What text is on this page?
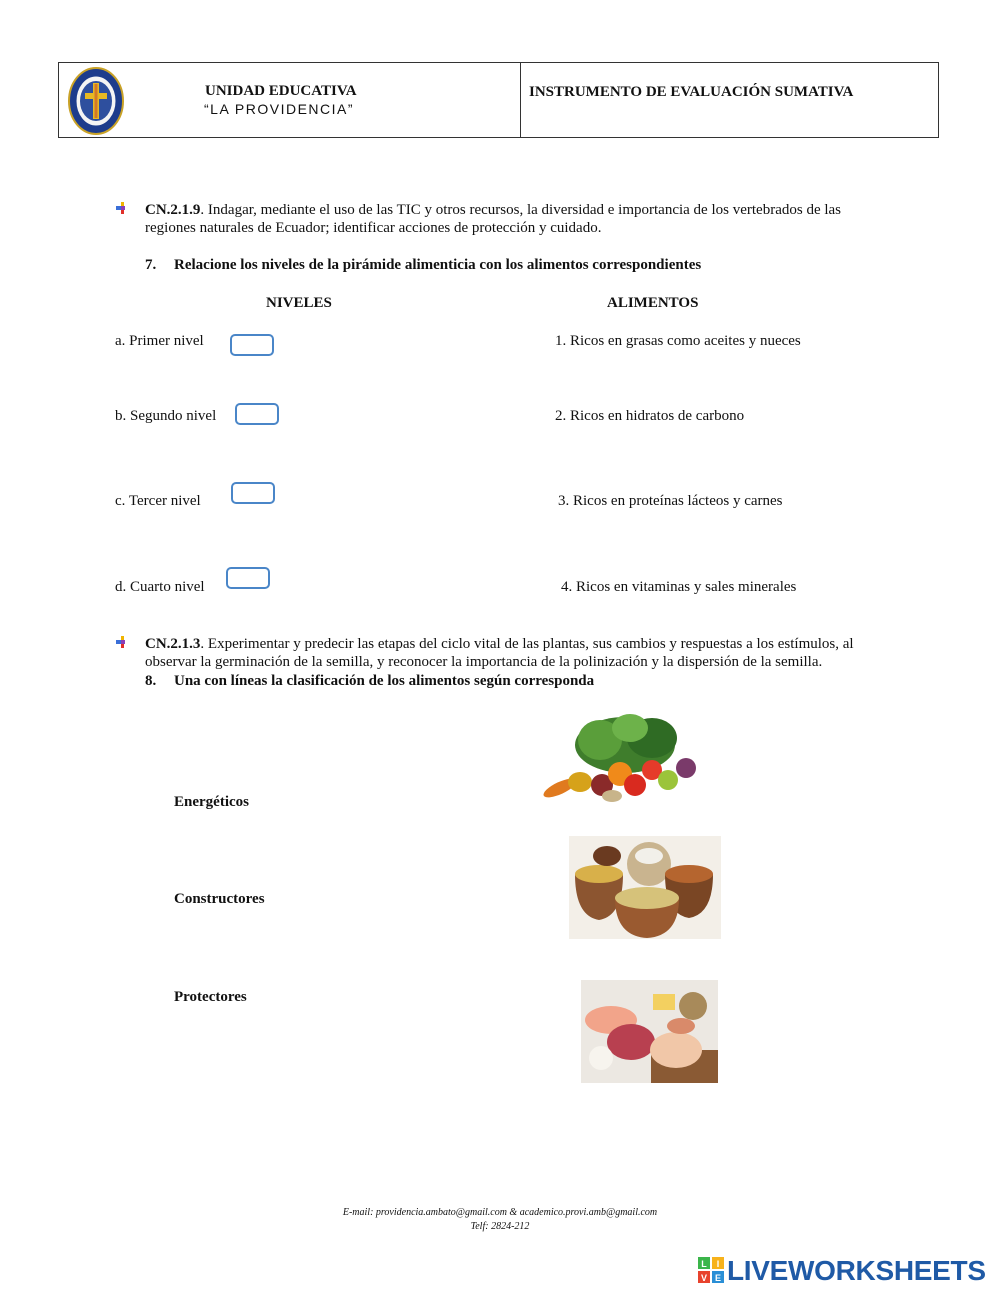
UNIDAD EDUCATIVA
“LA PROVIDENCIA”
INSTRUMENTO DE EVALUACIÓN SUMATIVA
CN.2.1.9. Indagar, mediante el uso de las TIC y otros recursos, la diversidad e importancia de los vertebrados de las regiones naturales de Ecuador; identificar acciones de protección y cuidado.
7. Relacione los niveles de la pirámide alimenticia con los alimentos correspondientes
NIVELES	ALIMENTOS
a. Primer nivel	1. Ricos en grasas como aceites y nueces
b. Segundo nivel	2. Ricos en hidratos de carbono
c. Tercer nivel	3. Ricos en proteínas lácteos y carnes
d. Cuarto nivel	4. Ricos en vitaminas y sales minerales
CN.2.1.3. Experimentar y predecir las etapas del ciclo vital de las plantas, sus cambios y respuestas a los estímulos, al observar la germinación de la semilla, y reconocer la importancia de la polinización y la dispersión de la semilla.
8. Una con líneas la clasificación de los alimentos según corresponda
Energéticos
Constructores
Protectores
E-mail: providencia.ambato@gmail.com & academico.provi.amb@gmail.com
Telf: 2824-212
L I
V E LIVEWORKSHEETS
